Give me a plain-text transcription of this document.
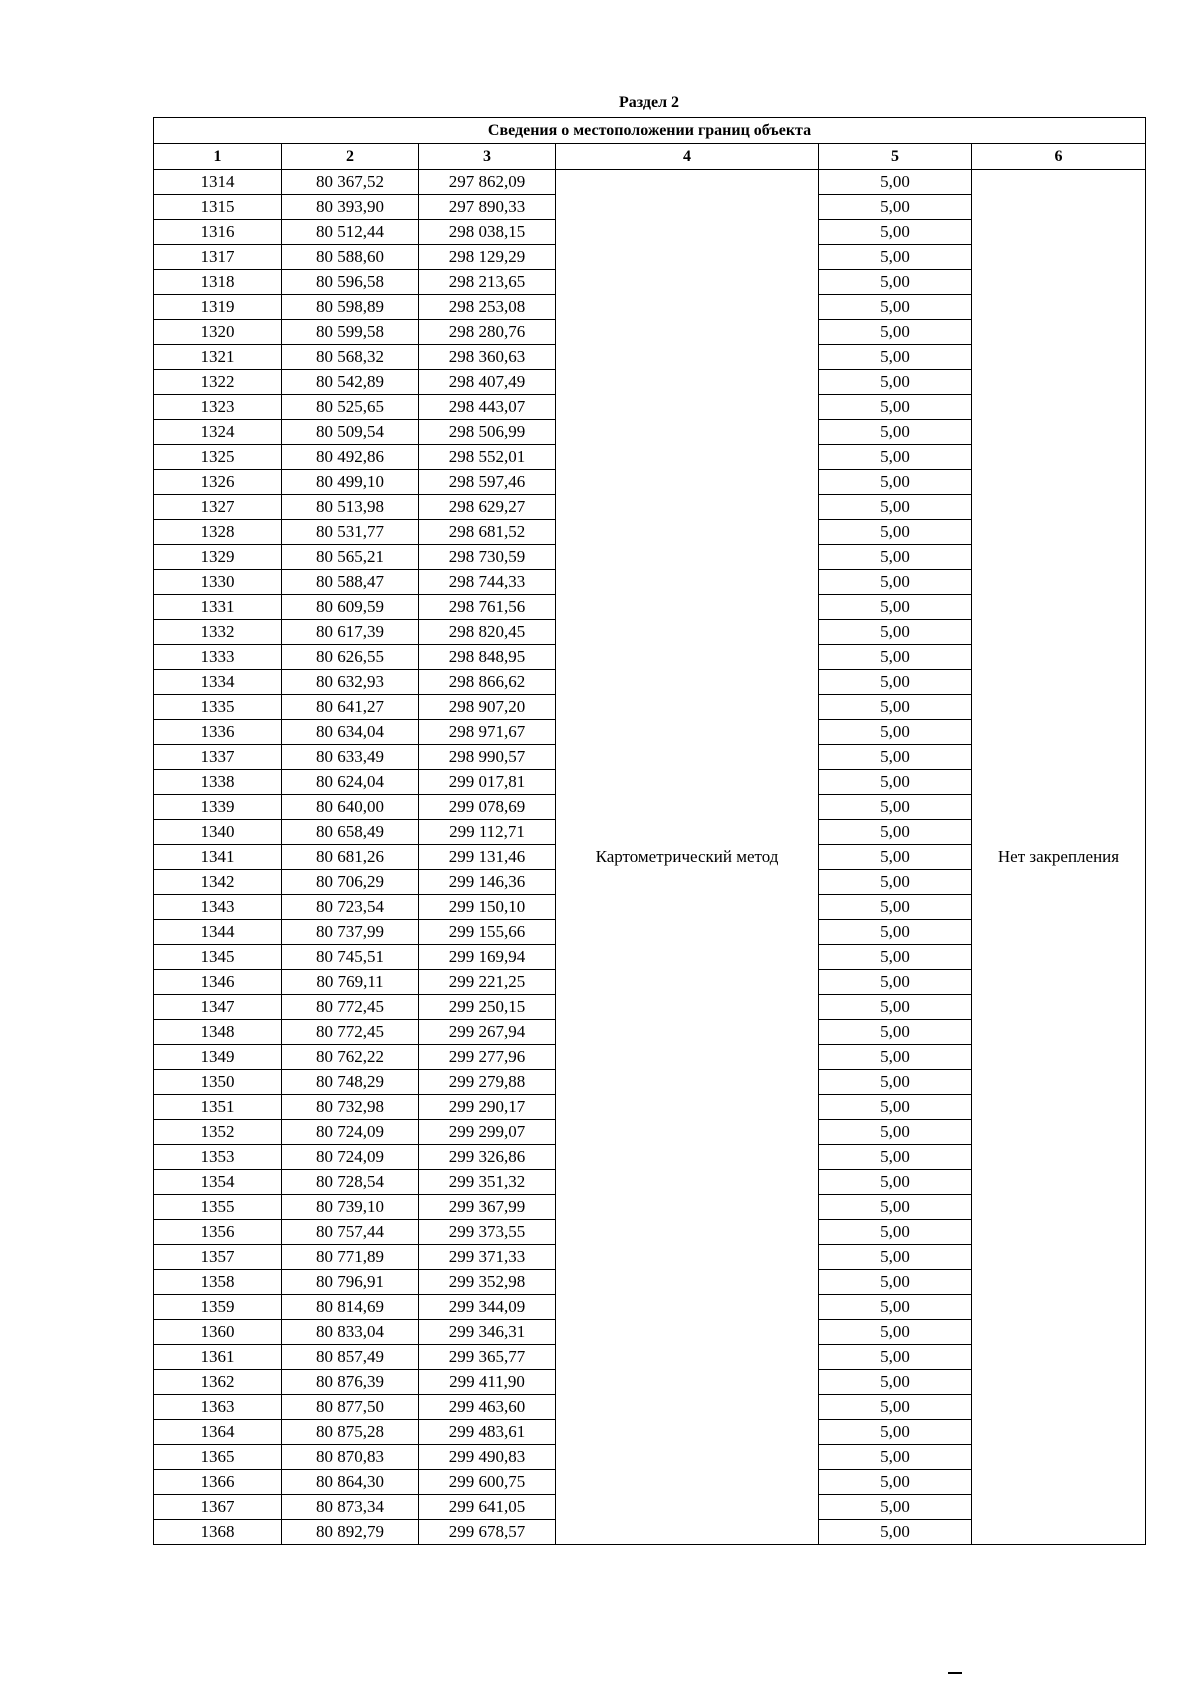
Раздел 2
Сведения о местоположении границ объекта					
1	2	3	4	5	6
1314	80 367,52	297 862,09	Картометрический метод	5,00	Нет закрепления
1315	80 393,90	297 890,33		5,00	
1316	80 512,44	298 038,15		5,00	
1317	80 588,60	298 129,29		5,00	
1318	80 596,58	298 213,65		5,00	
1319	80 598,89	298 253,08		5,00	
1320	80 599,58	298 280,76		5,00	
1321	80 568,32	298 360,63		5,00	
1322	80 542,89	298 407,49		5,00	
1323	80 525,65	298 443,07		5,00	
1324	80 509,54	298 506,99		5,00	
1325	80 492,86	298 552,01		5,00	
1326	80 499,10	298 597,46		5,00	
1327	80 513,98	298 629,27		5,00	
1328	80 531,77	298 681,52		5,00	
1329	80 565,21	298 730,59		5,00	
1330	80 588,47	298 744,33		5,00	
1331	80 609,59	298 761,56		5,00	
1332	80 617,39	298 820,45		5,00	
1333	80 626,55	298 848,95		5,00	
1334	80 632,93	298 866,62		5,00	
1335	80 641,27	298 907,20		5,00	
1336	80 634,04	298 971,67		5,00	
1337	80 633,49	298 990,57		5,00	
1338	80 624,04	299 017,81		5,00	
1339	80 640,00	299 078,69		5,00	
1340	80 658,49	299 112,71		5,00	
1341	80 681,26	299 131,46		5,00	
1342	80 706,29	299 146,36		5,00	
1343	80 723,54	299 150,10		5,00	
1344	80 737,99	299 155,66		5,00	
1345	80 745,51	299 169,94		5,00	
1346	80 769,11	299 221,25		5,00	
1347	80 772,45	299 250,15		5,00	
1348	80 772,45	299 267,94		5,00	
1349	80 762,22	299 277,96		5,00	
1350	80 748,29	299 279,88		5,00	
1351	80 732,98	299 290,17		5,00	
1352	80 724,09	299 299,07		5,00	
1353	80 724,09	299 326,86		5,00	
1354	80 728,54	299 351,32		5,00	
1355	80 739,10	299 367,99		5,00	
1356	80 757,44	299 373,55		5,00	
1357	80 771,89	299 371,33		5,00	
1358	80 796,91	299 352,98		5,00	
1359	80 814,69	299 344,09		5,00	
1360	80 833,04	299 346,31		5,00	
1361	80 857,49	299 365,77		5,00	
1362	80 876,39	299 411,90		5,00	
1363	80 877,50	299 463,60		5,00	
1364	80 875,28	299 483,61		5,00	
1365	80 870,83	299 490,83		5,00	
1366	80 864,30	299 600,75		5,00	
1367	80 873,34	299 641,05		5,00	
1368	80 892,79	299 678,57		5,00	
